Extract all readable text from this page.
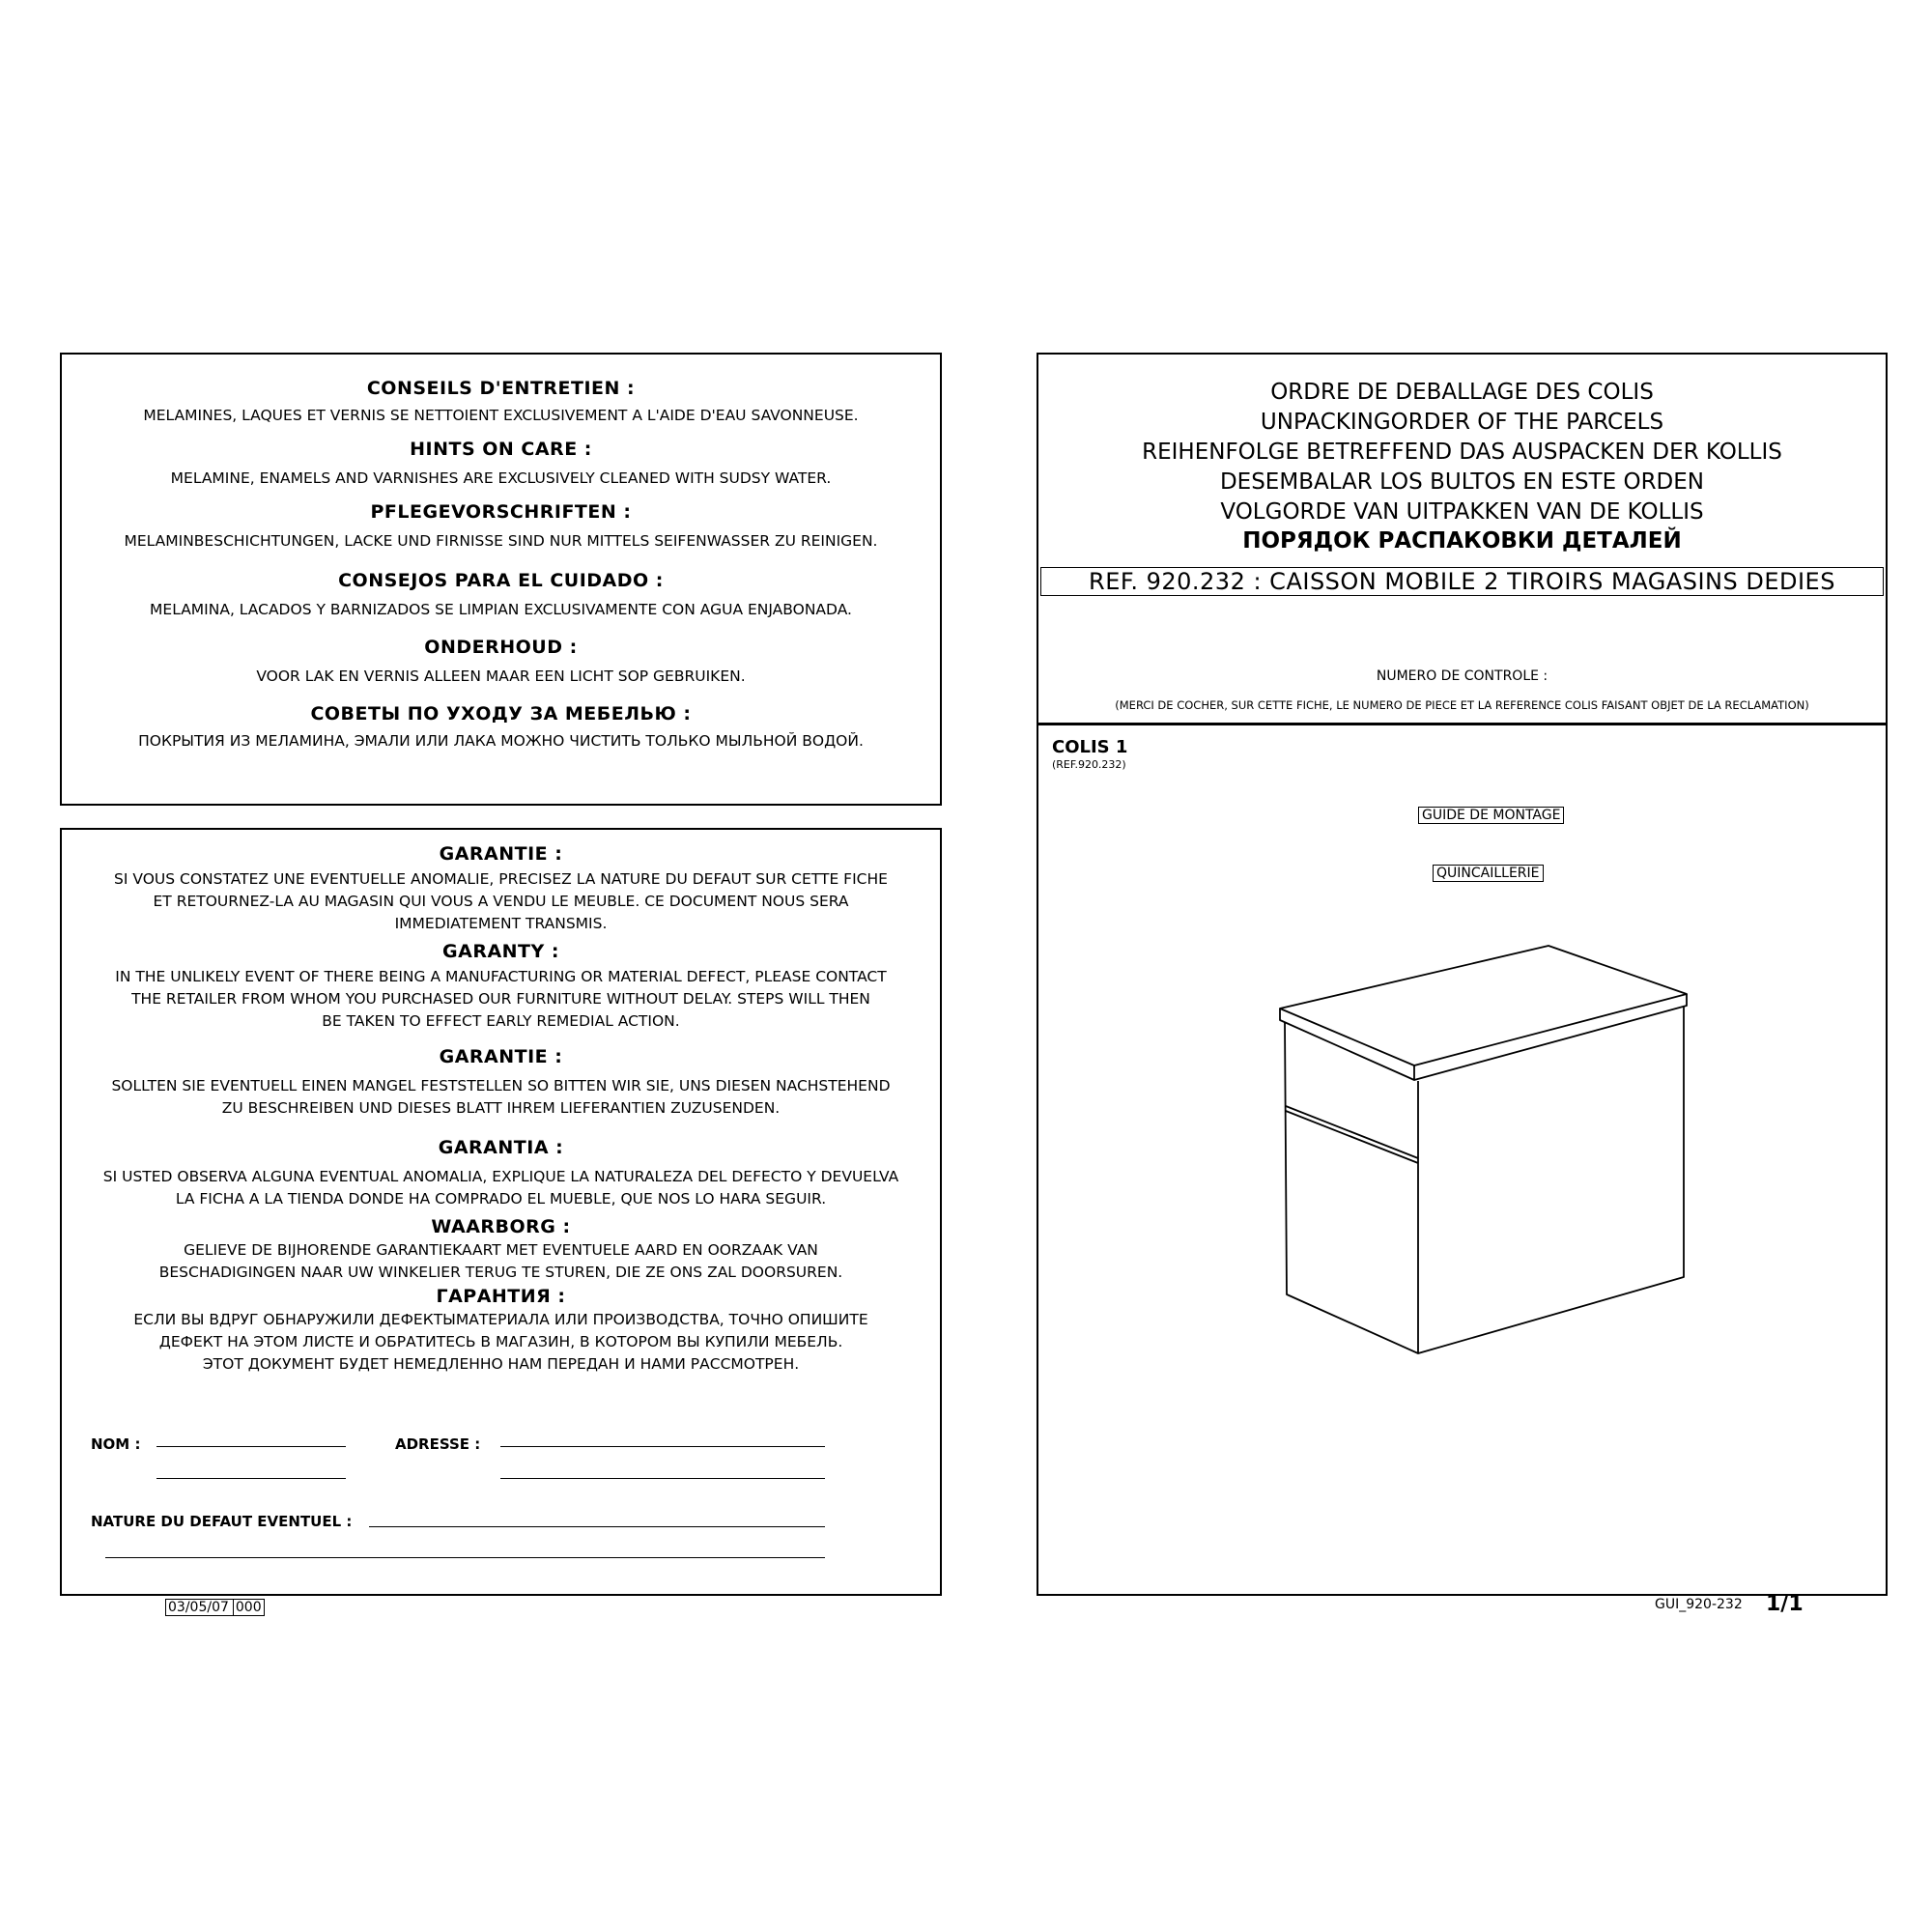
CONSEILS D'ENTRETIEN :
MELAMINES, LAQUES ET VERNIS SE NETTOIENT EXCLUSIVEMENT A L'AIDE D'EAU SAVONNEUSE.
HINTS ON CARE :
MELAMINE, ENAMELS AND VARNISHES ARE EXCLUSIVELY CLEANED WITH SUDSY WATER.
PFLEGEVORSCHRIFTEN :
MELAMINBESCHICHTUNGEN, LACKE UND FIRNISSE SIND NUR MITTELS SEIFENWASSER ZU REINIGEN.
CONSEJOS PARA EL CUIDADO :
MELAMINA, LACADOS Y BARNIZADOS SE LIMPIAN EXCLUSIVAMENTE CON AGUA ENJABONADA.
ONDERHOUD :
VOOR LAK EN VERNIS ALLEEN MAAR EEN LICHT SOP GEBRUIKEN.
СОВЕТЫ ПО УХОДУ ЗА МЕБЕЛЬЮ :
ПОКРЫТИЯ ИЗ МЕЛАМИНА, ЭМАЛИ ИЛИ ЛАКА МОЖНО ЧИСТИТЬ ТОЛЬКО МЫЛЬНОЙ ВОДОЙ.
GARANTIE :
SI VOUS CONSTATEZ UNE EVENTUELLE ANOMALIE, PRECISEZ LA NATURE DU DEFAUT SUR CETTE FICHE
ET RETOURNEZ-LA AU MAGASIN QUI VOUS A VENDU LE MEUBLE. CE DOCUMENT NOUS SERA
IMMEDIATEMENT TRANSMIS.
GARANTY :
IN THE UNLIKELY EVENT OF THERE BEING A MANUFACTURING OR MATERIAL DEFECT, PLEASE CONTACT
THE RETAILER FROM WHOM YOU PURCHASED OUR FURNITURE WITHOUT DELAY. STEPS WILL THEN
BE TAKEN TO EFFECT EARLY REMEDIAL ACTION.
GARANTIE :
SOLLTEN SIE EVENTUELL EINEN MANGEL FESTSTELLEN SO BITTEN WIR SIE, UNS DIESEN NACHSTEHEND
ZU BESCHREIBEN UND DIESES BLATT IHREM LIEFERANTIEN ZUZUSENDEN.
GARANTIA :
SI USTED OBSERVA ALGUNA EVENTUAL ANOMALIA, EXPLIQUE LA NATURALEZA DEL DEFECTO Y DEVUELVA
LA FICHA A LA TIENDA DONDE HA COMPRADO EL MUEBLE, QUE NOS LO HARA SEGUIR.
WAARBORG :
GELIEVE DE BIJHORENDE GARANTIEKAART MET EVENTUELE AARD EN OORZAAK VAN
BESCHADIGINGEN NAAR UW WINKELIER TERUG TE STUREN, DIE ZE ONS ZAL DOORSUREN.
ГАРАНТИЯ :
ЕСЛИ ВЫ ВДРУГ ОБНАРУЖИЛИ ДЕФЕКТЫМАТЕРИАЛА ИЛИ ПРОИЗВОДСТВА, ТОЧНО ОПИШИТЕ
ДЕФЕКТ НА ЭТОМ ЛИСТЕ И ОБРАТИТЕСЬ В МАГАЗИН, В КОТОРОМ ВЫ КУПИЛИ МЕБЕЛЬ.
ЭТОТ ДОКУМЕНТ БУДЕТ НЕМЕДЛЕННО НАМ ПЕРЕДАН И НАМИ РАССМОТРЕН.
NOM :	ADRESSE :
NATURE DU DEFAUT EVENTUEL :
ORDRE DE DEBALLAGE DES COLIS
UNPACKINGORDER OF THE PARCELS
REIHENFOLGE BETREFFEND DAS AUSPACKEN DER KOLLIS
DESEMBALAR LOS BULTOS EN ESTE ORDEN
VOLGORDE VAN UITPAKKEN VAN DE KOLLIS
ПОРЯДОК РАСПАКОВКИ ДЕТАЛЕЙ
REF. 920.232 : CAISSON MOBILE 2 TIROIRS MAGASINS DEDIES
NUMERO DE CONTROLE :
(MERCI DE COCHER, SUR CETTE FICHE, LE NUMERO DE PIECE ET LA REFERENCE COLIS FAISANT OBJET DE LA RECLAMATION)
COLIS 1
(REF.920.232)
GUIDE DE MONTAGE
QUINCAILLERIE
03/05/07 000	GUI_920-232 1/1
